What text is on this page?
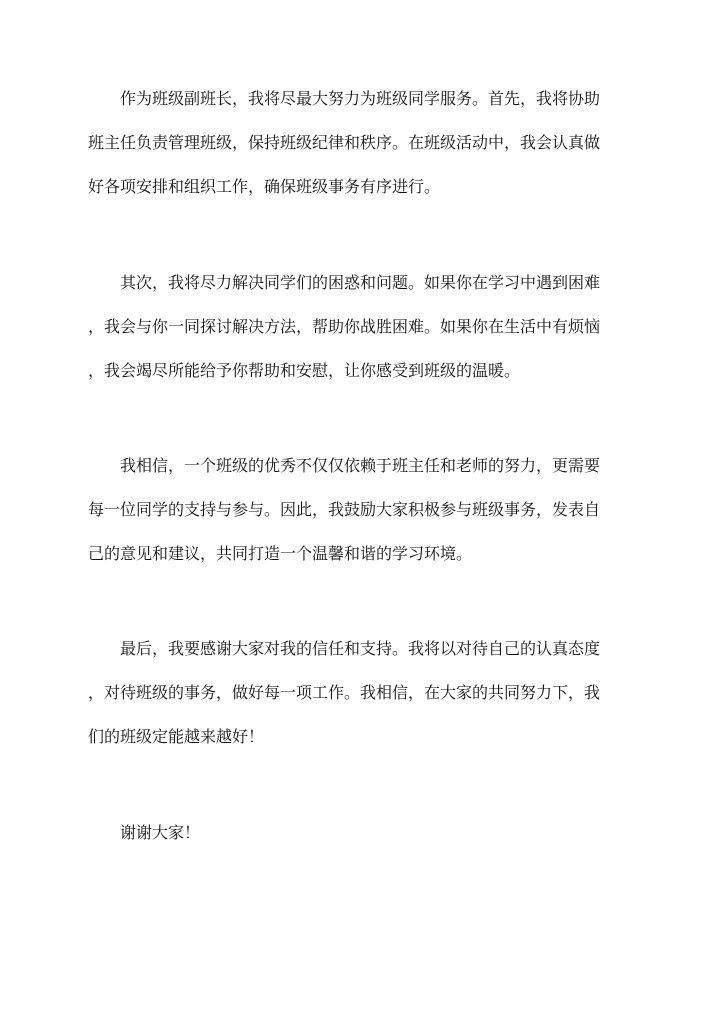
作为班级副班长，我将尽最大努力为班级同学服务。首先，我将协助
班主任负责管理班级，保持班级纪律和秩序。在班级活动中，我会认真做
好各项安排和组织工作，确保班级事务有序进行。
其次，我将尽力解决同学们的困惑和问题。如果你在学习中遇到困难
，我会与你一同探讨解决方法，帮助你战胜困难。如果你在生活中有烦恼
，我会竭尽所能给予你帮助和安慰，让你感受到班级的温暖。
我相信，一个班级的优秀不仅仅依赖于班主任和老师的努力，更需要
每一位同学的支持与参与。因此，我鼓励大家积极参与班级事务，发表自
己的意见和建议，共同打造一个温馨和谐的学习环境。
最后，我要感谢大家对我的信任和支持。我将以对待自己的认真态度
，对待班级的事务，做好每一项工作。我相信，在大家的共同努力下，我
们的班级定能越来越好！
谢谢大家！
